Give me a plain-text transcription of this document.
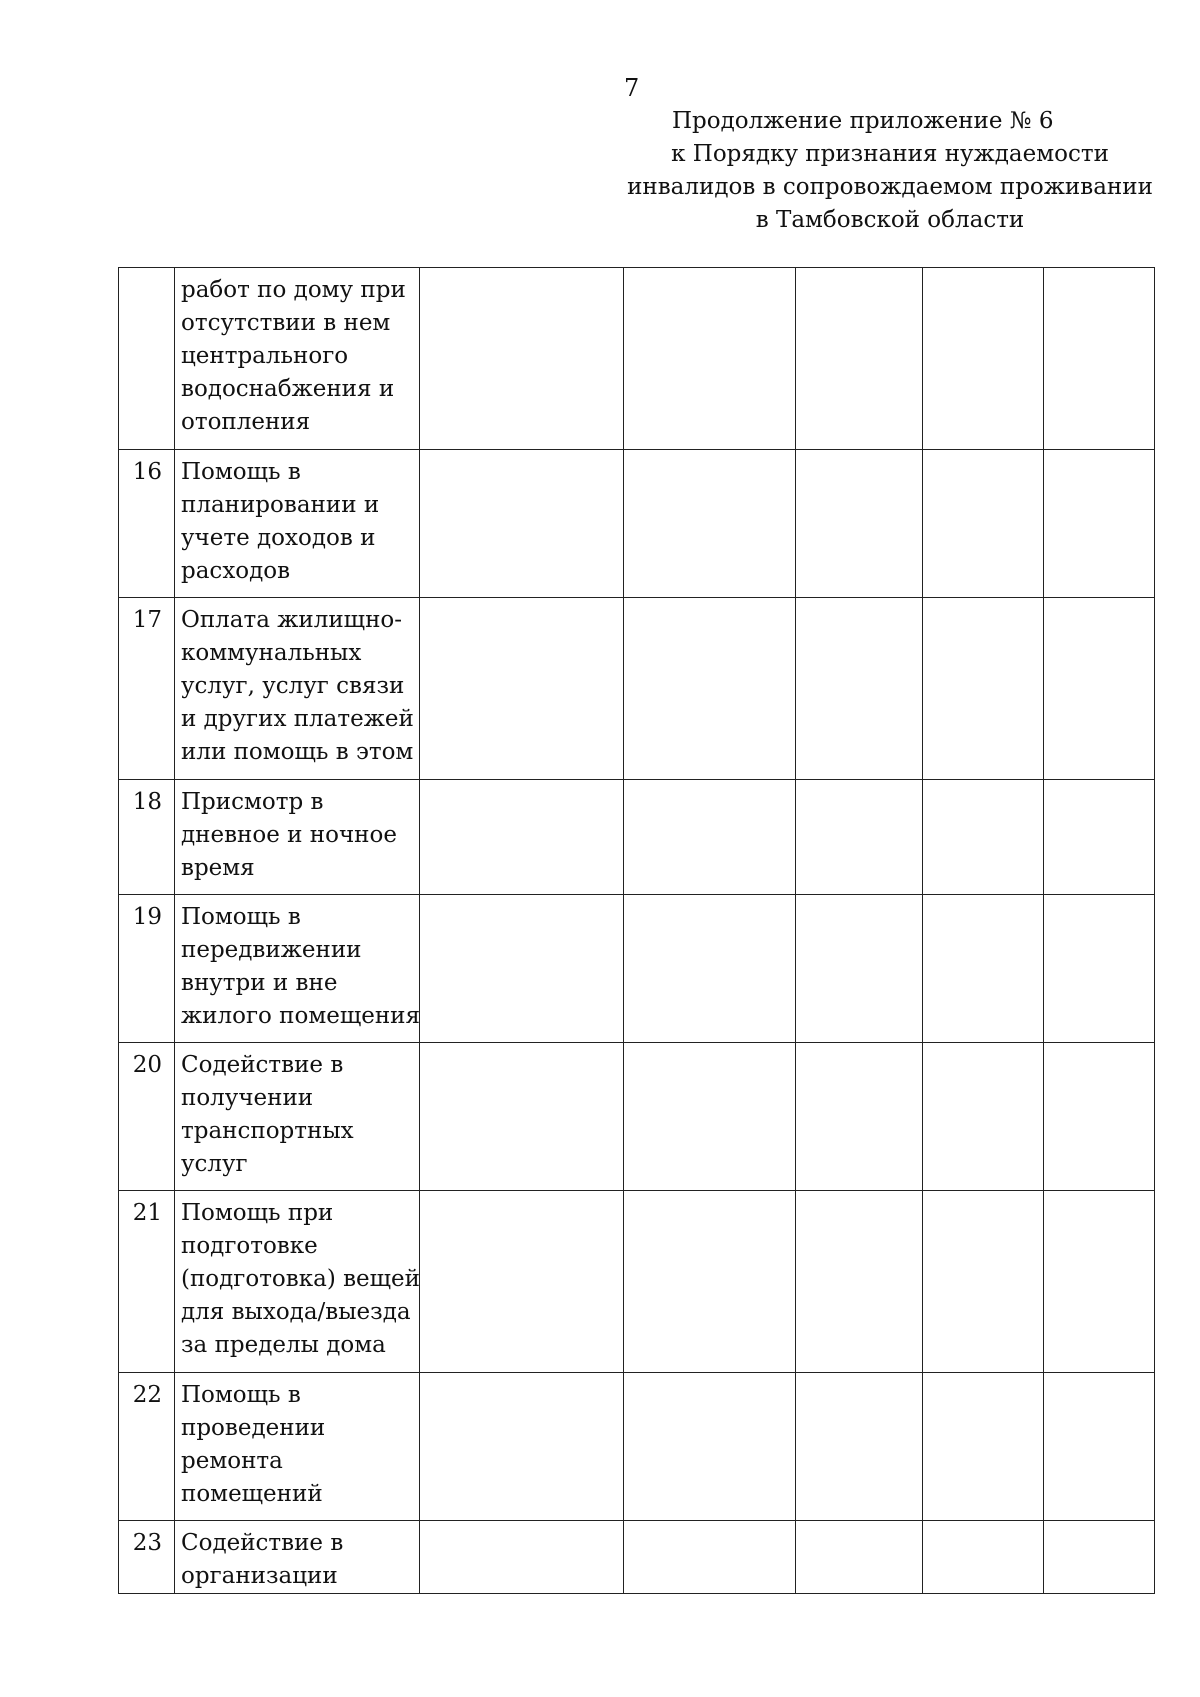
7
Продолжение приложение № 6
к Порядку признания нуждаемости
инвалидов в сопровождаемом проживании
в Тамбовской области

	работ по дому при
отсутствии в нем
центрального
водоснабжения и
отопления					

16	Помощь в
планировании и
учете доходов и
расходов					

17	Оплата жилищно-
коммунальных
услуг, услуг связи
и других платежей
или помощь в этом					

18	Присмотр в
дневное и ночное
время					

19	Помощь в
передвижении
внутри и вне
жилого помещения					

20	Содействие в
получении
транспортных
услуг					

21	Помощь при
подготовке
(подготовка) вещей
для выхода/выезда
за пределы дома					

22	Помощь в
проведении
ремонта
помещений					

23	Содействие в
организации					
